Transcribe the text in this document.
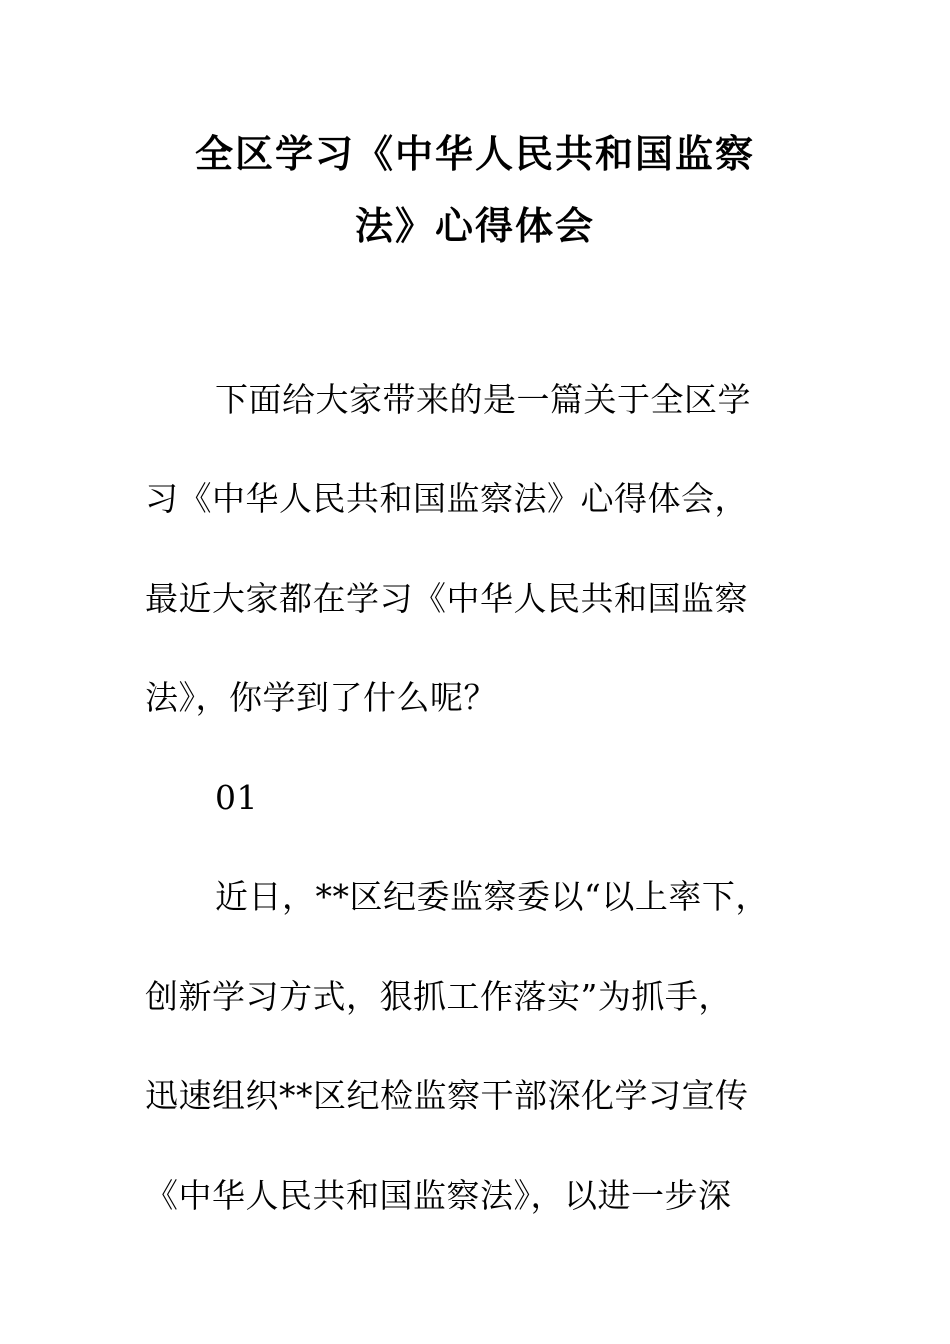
全区学习《中华人民共和国监察
法》心得体会
下面给大家带来的是一篇关于全区学
习《中华人民共和国监察法》心得体会，
最近大家都在学习《中华人民共和国监察
法》，你学到了什么呢？
01
近日，**区纪委监察委以“以上率下，
创新学习方式，狠抓工作落实”为抓手，
迅速组织**区纪检监察干部深化学习宣传
《中华人民共和国监察法》，以进一步深
